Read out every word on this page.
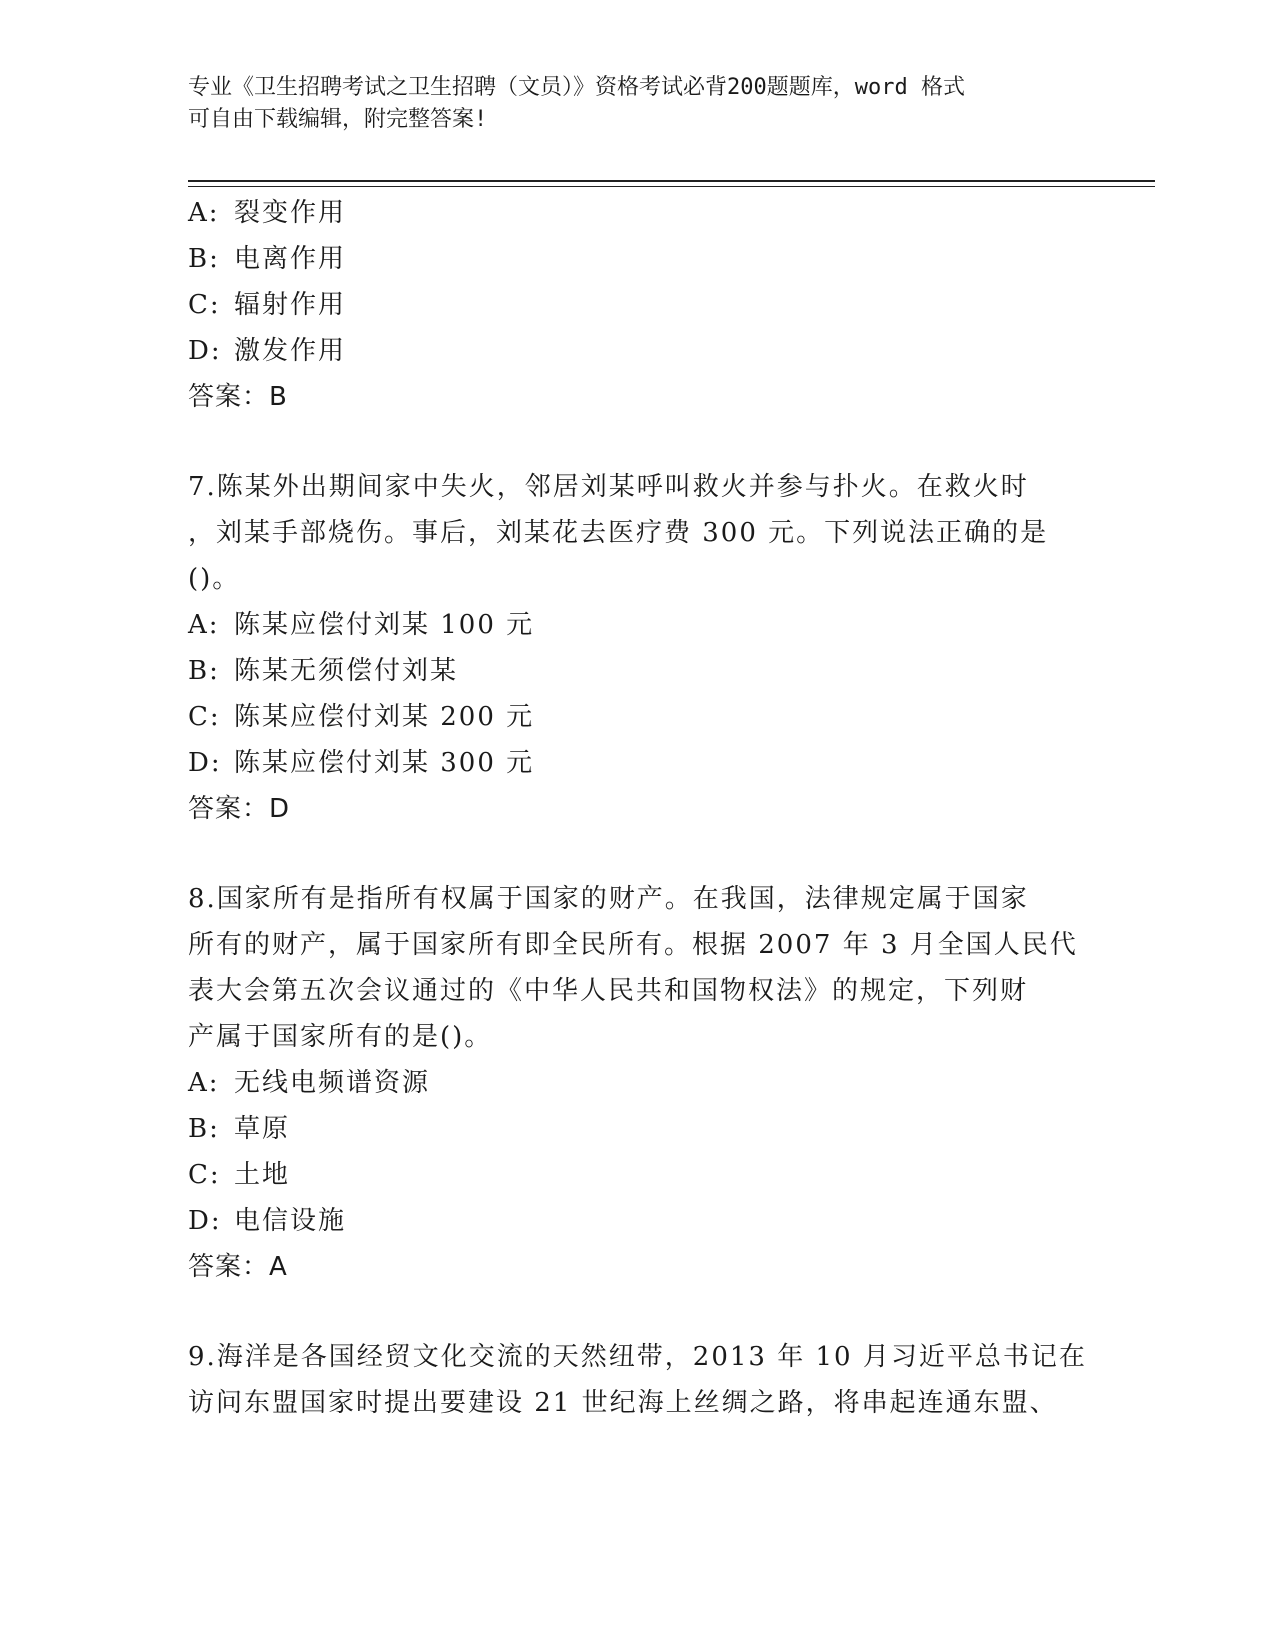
专业《卫生招聘考试之卫生招聘（文员）》资格考试必背200题题库，word 格式
可自由下载编辑，附完整答案!
A: 裂变作用
B: 电离作用
C: 辐射作用
D: 激发作用
答案：B
7.陈某外出期间家中失火，邻居刘某呼叫救火并参与扑火。在救火时
，刘某手部烧伤。事后，刘某花去医疗费 300 元。下列说法正确的是
()。
A: 陈某应偿付刘某 100 元
B: 陈某无须偿付刘某
C: 陈某应偿付刘某 200 元
D: 陈某应偿付刘某 300 元
答案：D
8.国家所有是指所有权属于国家的财产。在我国，法律规定属于国家
所有的财产，属于国家所有即全民所有。根据 2007 年 3 月全国人民代
表大会第五次会议通过的《中华人民共和国物权法》的规定，下列财
产属于国家所有的是()。
A: 无线电频谱资源
B: 草原
C: 土地
D: 电信设施
答案：A
9.海洋是各国经贸文化交流的天然纽带，2013 年 10 月习近平总书记在
访问东盟国家时提出要建设 21 世纪海上丝绸之路，将串起连通东盟、
